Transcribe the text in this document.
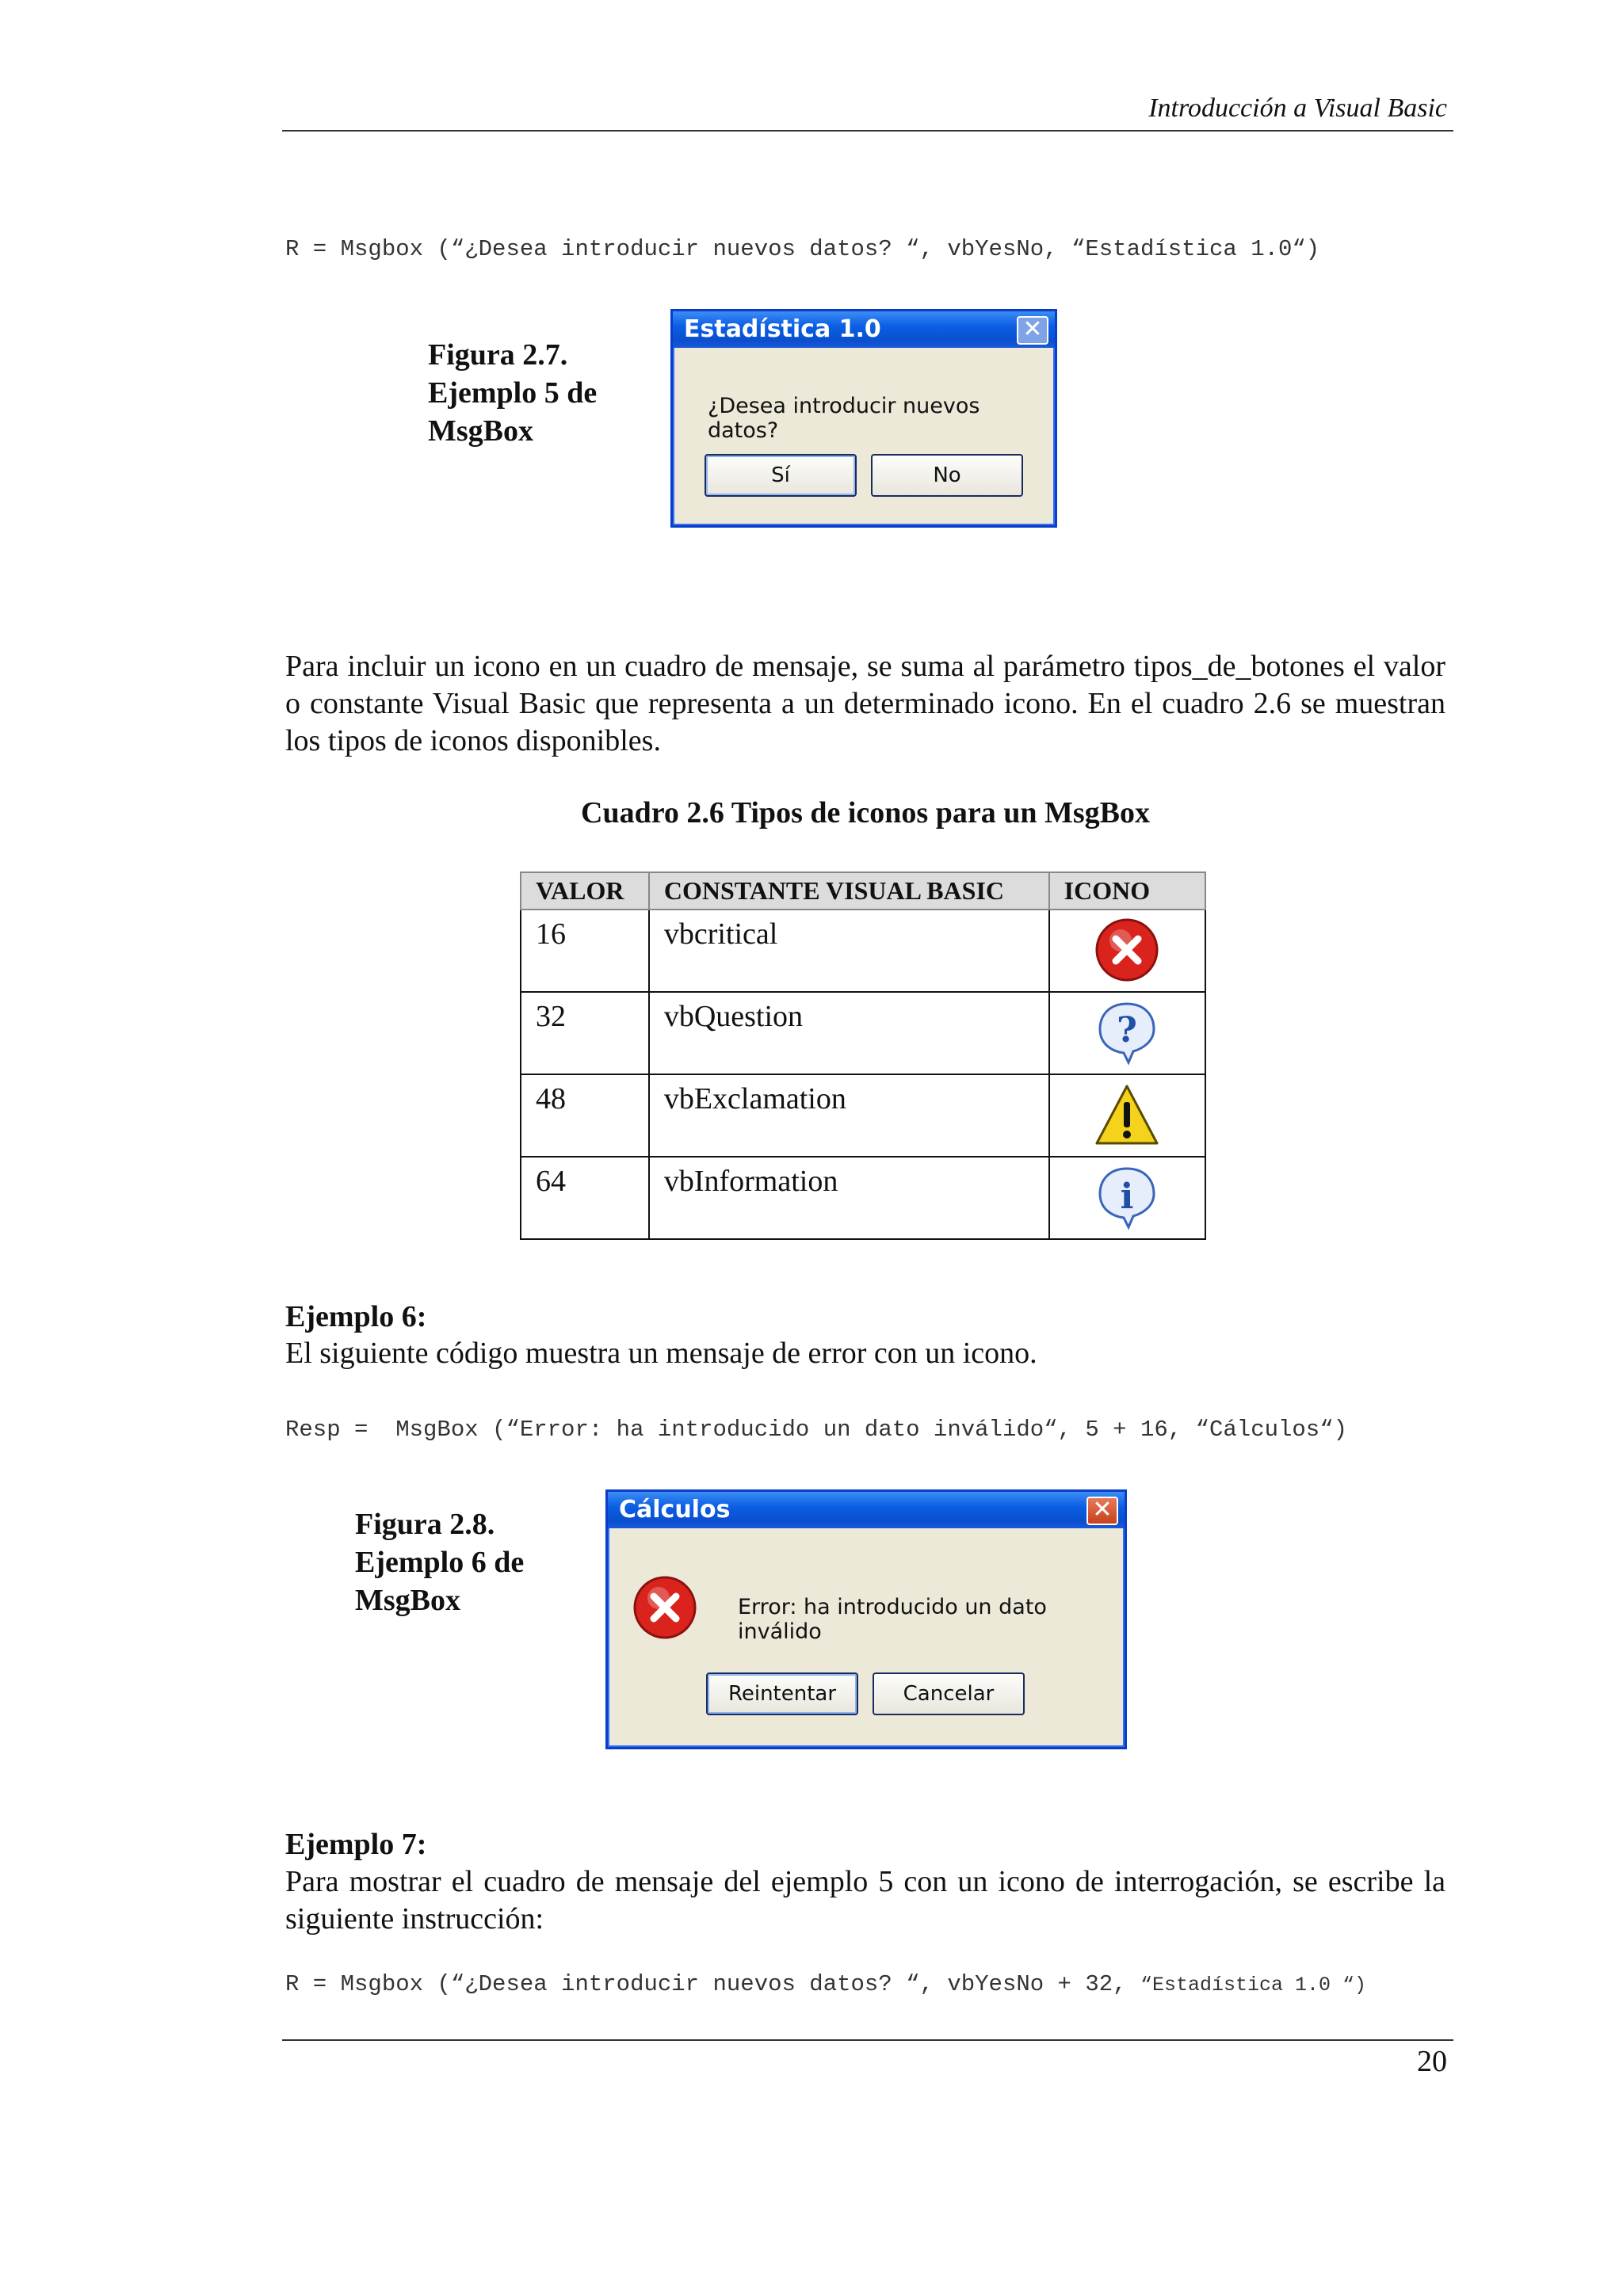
Introducción a Visual Basic
R = Msgbox (“¿Desea introducir nuevos datos? “, vbYesNo, “Estadística 1.0“)
Figura 2.7.
Ejemplo 5 de
MsgBox
Estadística 1.0	✕
¿Desea introducir nuevos datos?
Sí	No
Para incluir un icono en un cuadro de mensaje, se suma al parámetro tipos_de_botones el valor o constante Visual Basic que representa a un determinado icono. En el cuadro 2.6 se muestran los tipos de iconos disponibles.
Cuadro 2.6 Tipos de iconos para un MsgBox
VALOR	CONSTANTE VISUAL BASIC	ICONO
16	vbcritical	
32	vbQuestion	?

48	vbExclamation	
64	vbInformation	i
Ejemplo 6:
El siguiente código muestra un mensaje de error con un icono.
Resp =  MsgBox (“Error: ha introducido un dato inválido“, 5 + 16, “Cálculos“)
Figura 2.8.
Ejemplo 6 de
MsgBox
Cálculos	✕
Error: ha introducido un dato inválido
Reintentar	Cancelar
Ejemplo 7:
Para mostrar el cuadro de mensaje del ejemplo 5 con un icono de interrogación, se escribe la siguiente instrucción:
R = Msgbox (“¿Desea introducir nuevos datos? “, vbYesNo + 32, “Estadística 1.0 “)
20
